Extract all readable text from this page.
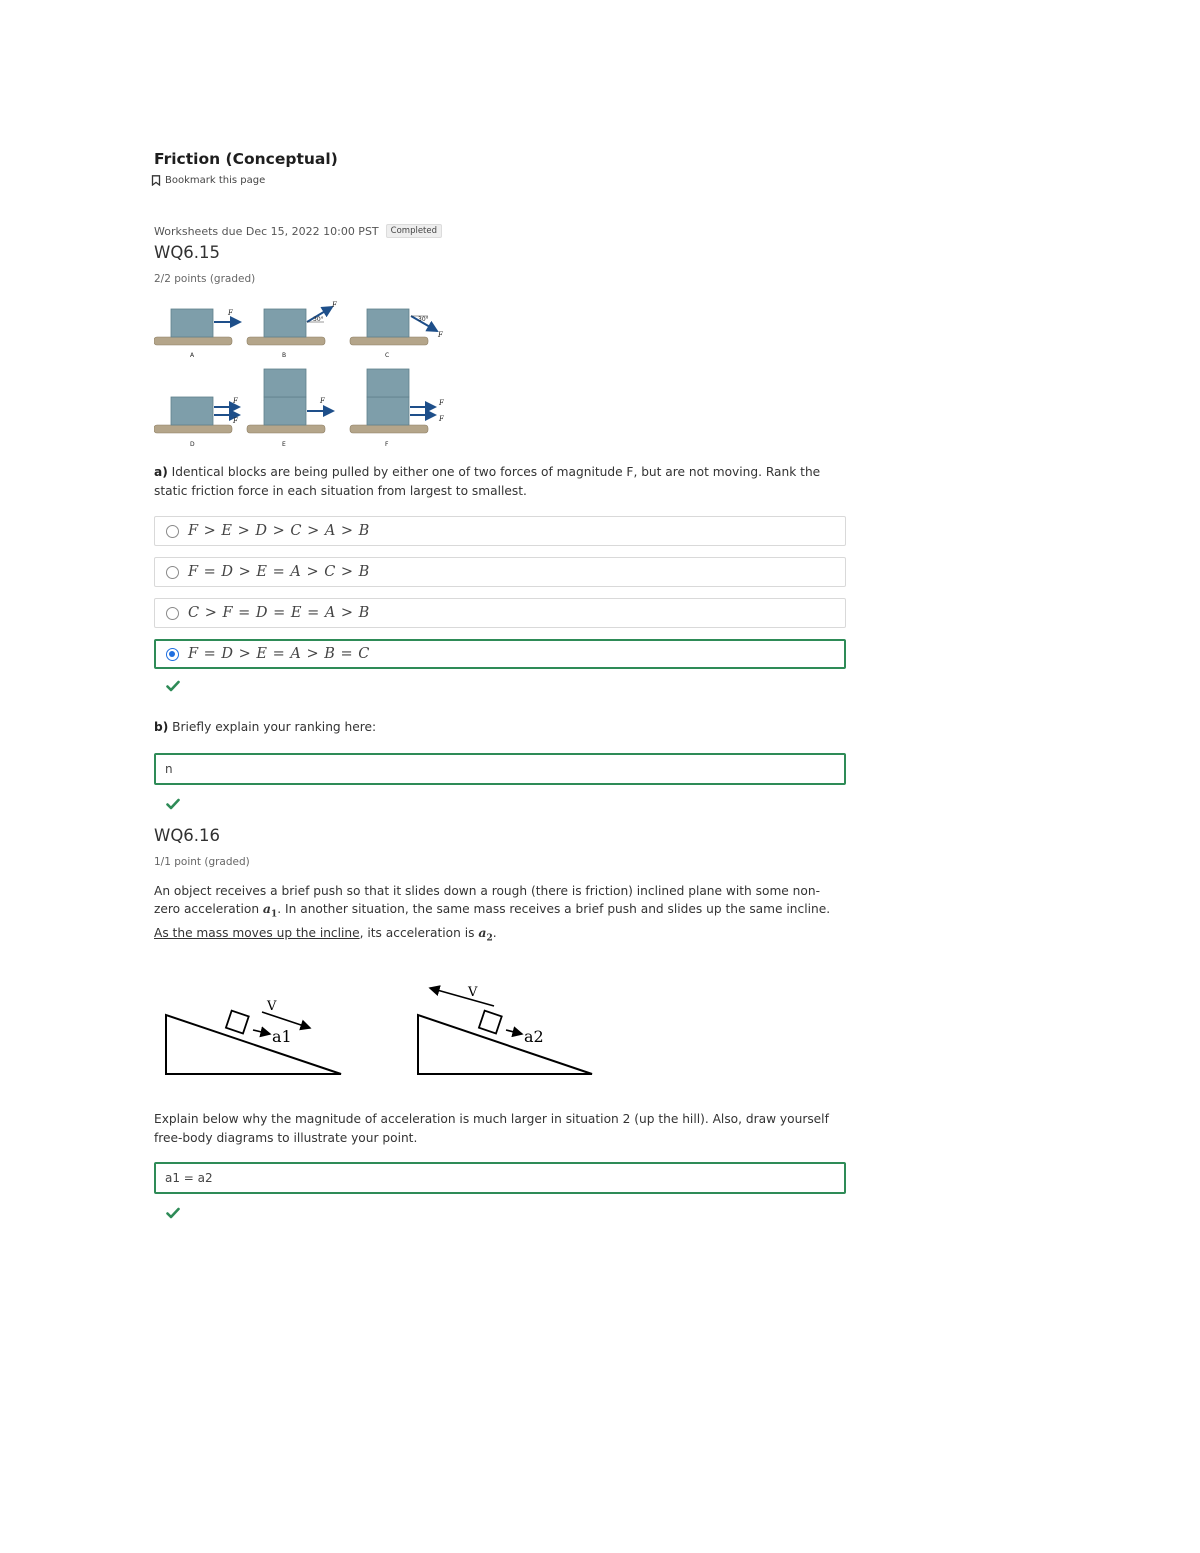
Friction (Conceptual)
Bookmark this page
Worksheets due Dec 15, 2022 10:00 PST	Completed
WQ6.15
2/2 points (graded)
F
A
30°
F
B
30°
F
C
F
F
D
F
E
F
F
F
a) Identical blocks are being pulled by either one of two forces of magnitude F, but are not moving. Rank the static friction force in each situation from largest to smallest.
F > E > D > C > A > B
F = D > E = A > C > B
C > F = D = E = A > B
F = D > E = A > B = C
b) Briefly explain your ranking here:
n
WQ6.16
1/1 point (graded)
An object receives a brief push so that it slides down a rough (there is friction) inclined plane with some non-zero acceleration $a_1$. In another situation, the same mass receives a brief push and slides up the same incline. As the mass moves up the incline, its acceleration is $a_2$.
a1
V
a2
V
Explain below why the magnitude of acceleration is much larger in situation 2 (up the hill). Also, draw yourself free-body diagrams to illustrate your point.
a1 = a2
